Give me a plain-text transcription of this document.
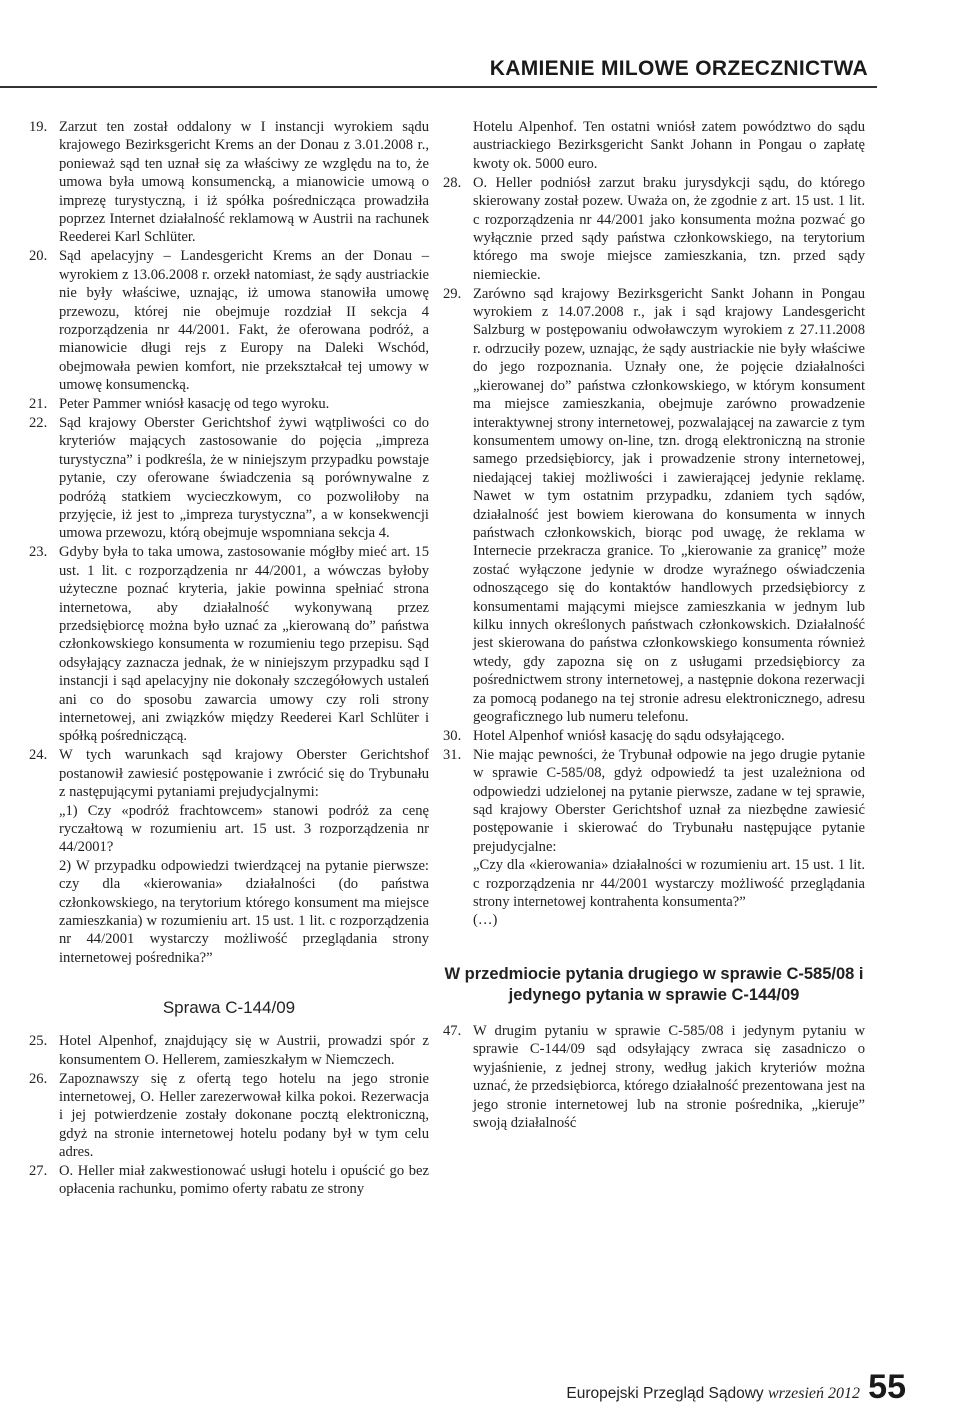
KAMIENIE MILOWE ORZECZNICTWA
19. Zarzut ten został oddalony w I instancji wyrokiem sądu krajowego Bezirksgericht Krems an der Donau z 3.01.2008 r., ponieważ sąd ten uznał się za właściwy ze względu na to, że umowa była umową konsumencką, a mianowicie umową o imprezę turystyczną, i iż spółka pośrednicząca prowadziła poprzez Internet działalność reklamową w Austrii na rachunek Reederei Karl Schlüter.
20. Sąd apelacyjny – Landesgericht Krems an der Donau – wyrokiem z 13.06.2008 r. orzekł natomiast, że sądy austriackie nie były właściwe, uznając, iż umowa stanowiła umowę przewozu, której nie obejmuje rozdział II sekcja 4 rozporządzenia nr 44/2001. Fakt, że oferowana podróż, a mianowicie długi rejs z Europy na Daleki Wschód, obejmowała pewien komfort, nie przekształcał tej umowy w umowę konsumencką.
21. Peter Pammer wniósł kasację od tego wyroku.
22. Sąd krajowy Oberster Gerichtshof żywi wątpliwości co do kryteriów mających zastosowanie do pojęcia „impreza turystyczna” i podkreśla, że w niniejszym przypadku powstaje pytanie, czy oferowane świadczenia są porównywalne z podróżą statkiem wycieczkowym, co pozwoliłoby na przyjęcie, iż jest to „impreza turystyczna”, a w konsekwencji umowa przewozu, którą obejmuje wspomniana sekcja 4.
23. Gdyby była to taka umowa, zastosowanie mógłby mieć art. 15 ust. 1 lit. c rozporządzenia nr 44/2001, a wówczas byłoby użyteczne poznać kryteria, jakie powinna spełniać strona internetowa, aby działalność wykonywaną przez przedsiębiorcę można było uznać za „kierowaną do” państwa członkowskiego konsumenta w rozumieniu tego przepisu. Sąd odsyłający zaznacza jednak, że w niniejszym przypadku sąd I instancji i sąd apelacyjny nie dokonały szczegółowych ustaleń ani co do sposobu zawarcia umowy czy roli strony internetowej, ani związków między Reederei Karl Schlüter i spółką pośredniczącą.
24. W tych warunkach sąd krajowy Oberster Gerichtshof postanowił zawiesić postępowanie i zwrócić się do Trybunału z następującymi pytaniami prejudycjalnymi:

„1) Czy «podróż frachtowcem» stanowi podróż za cenę ryczałtową w rozumieniu art. 15 ust. 3 rozporządzenia nr 44/2001?

2) W przypadku odpowiedzi twierdzącej na pytanie pierwsze: czy dla «kierowania» działalności (do państwa członkowskiego, na terytorium którego konsument ma miejsce zamieszkania) w rozumieniu art. 15 ust. 1 lit. c rozporządzenia nr 44/2001 wystarczy możliwość przeglądania strony internetowej pośrednika?”

Sprawa C-144/09
25. Hotel Alpenhof, znajdujący się w Austrii, prowadzi spór z konsumentem O. Hellerem, zamieszkałym w Niemczech.
26. Zapoznawszy się z ofertą tego hotelu na jego stronie internetowej, O. Heller zarezerwował kilka pokoi. Rezerwacja i jej potwierdzenie zostały dokonane pocztą elektroniczną, gdyż na stronie internetowej hotelu podany był w tym celu adres.
27. O. Heller miał zakwestionować usługi hotelu i opuścić go bez opłacenia rachunku, pomimo oferty rabatu ze strony
Hotelu Alpenhof. Ten ostatni wniósł zatem powództwo do sądu austriackiego Bezirksgericht Sankt Johann in Pongau o zapłatę kwoty ok. 5000 euro.
28. O. Heller podniósł zarzut braku jurysdykcji sądu, do którego skierowany został pozew. Uważa on, że zgodnie z art. 15 ust. 1 lit. c rozporządzenia nr 44/2001 jako konsumenta można pozwać go wyłącznie przed sądy państwa członkowskiego, na terytorium którego ma swoje miejsce zamieszkania, tzn. przed sądy niemieckie.
29. Zarówno sąd krajowy Bezirksgericht Sankt Johann in Pongau wyrokiem z 14.07.2008 r., jak i sąd krajowy Landesgericht Salzburg w postępowaniu odwoławczym wyrokiem z 27.11.2008 r. odrzuciły pozew, uznając, że sądy austriackie nie były właściwe do jego rozpoznania. Uznały one, że pojęcie działalności „kierowanej do” państwa członkowskiego, w którym konsument ma miejsce zamieszkania, obejmuje zarówno prowadzenie interaktywnej strony internetowej, pozwalającej na zawarcie z tym konsumentem umowy on-line, tzn. drogą elektroniczną na stronie samego przedsiębiorcy, jak i prowadzenie strony internetowej, niedającej takiej możliwości i zawierającej jedynie reklamę. Nawet w tym ostatnim przypadku, zdaniem tych sądów, działalność jest bowiem kierowana do konsumenta w innych państwach członkowskich, biorąc pod uwagę, że reklama w Internecie przekracza granice. To „kierowanie za granicę” może zostać wyłączone jedynie w drodze wyraźnego oświadczenia odnoszącego się do kontaktów handlowych przedsiębiorcy z konsumentami mającymi miejsce zamieszkania w jednym lub kilku innych określonych państwach członkowskich. Działalność jest skierowana do państwa członkowskiego konsumenta również wtedy, gdy zapozna się on z usługami przedsiębiorcy za pośrednictwem strony internetowej, a następnie dokona rezerwacji za pomocą podanego na tej stronie adresu elektronicznego, adresu geograficznego lub numeru telefonu.
30. Hotel Alpenhof wniósł kasację do sądu odsyłającego.
31. Nie mając pewności, że Trybunał odpowie na jego drugie pytanie w sprawie C-585/08, gdyż odpowiedź ta jest uzależniona od odpowiedzi udzielonej na pytanie pierwsze, zadane w tej sprawie, sąd krajowy Oberster Gerichtshof uznał za niezbędne zawiesić postępowanie i skierować do Trybunału następujące pytanie prejudycjalne:

„Czy dla «kierowania» działalności w rozumieniu art. 15 ust. 1 lit. c rozporządzenia nr 44/2001 wystarczy możliwość przeglądania strony internetowej kontrahenta konsumenta?”

(…)

W przedmiocie pytania drugiego w sprawie C-585/08 i jedynego pytania w sprawie C-144/09
47. W drugim pytaniu w sprawie C-585/08 i jedynym pytaniu w sprawie C-144/09 sąd odsyłający zwraca się zasadniczo o wyjaśnienie, z jednej strony, według jakich kryteriów można uznać, że przedsiębiorca, którego działalność prezentowana jest na jego stronie internetowej lub na stronie pośrednika, „kieruje” swoją działalność
Europejski Przegląd Sądowy wrzesień 2012 55
